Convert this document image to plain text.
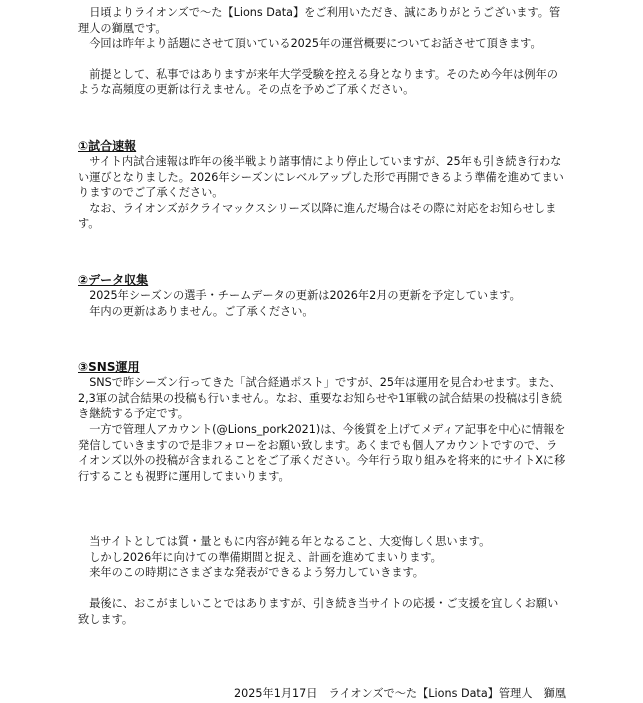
日頃よりライオンズで〜た【Lions Data】をご利用いただき、誠にありがとうございます。管理人の獅凰です。

今回は昨年より話題にさせて頂いている2025年の運営概要についてお話させて頂きます。

前提として、私事ではありますが来年大学受験を控える身となります。そのため今年は例年のような高頻度の更新は行えません。その点を予めご了承ください。

①試合速報

サイト内試合速報は昨年の後半戦より諸事情により停止していますが、25年も引き続き行わない運びとなりました。2026年シーズンにレベルアップした形で再開できるよう準備を進めてまいりますのでご了承ください。

なお、ライオンズがクライマックスシリーズ以降に進んだ場合はその際に対応をお知らせします。

②データ収集

2025年シーズンの選手・チームデータの更新は2026年2月の更新を予定しています。

年内の更新はありません。ご了承ください。

③SNS運用

SNSで昨シーズン行ってきた「試合経過ポスト」ですが、25年は運用を見合わせます。また、2,3軍の試合結果の投稿も行いません。なお、重要なお知らせや1軍戦の試合結果の投稿は引き続き継続する予定です。

一方で管理人アカウント(@Lions_pork2021)は、今後質を上げてメディア記事を中心に情報を発信していきますので是非フォローをお願い致します。あくまでも個人アカウントですので、ライオンズ以外の投稿が含まれることをご了承ください。今年行う取り組みを将来的にサイトXに移行することも視野に運用してまいります。

当サイトとしては質・量ともに内容が鈍る年となること、大変悔しく思います。

しかし2026年に向けての準備期間と捉え、計画を進めてまいります。

来年のこの時期にさまざまな発表ができるよう努力していきます。

最後に、おこがましいことではありますが、引き続き当サイトの応援・ご支援を宜しくお願い致します。

2025年1月17日　ライオンズで〜た【Lions Data】管理人　獅凰
